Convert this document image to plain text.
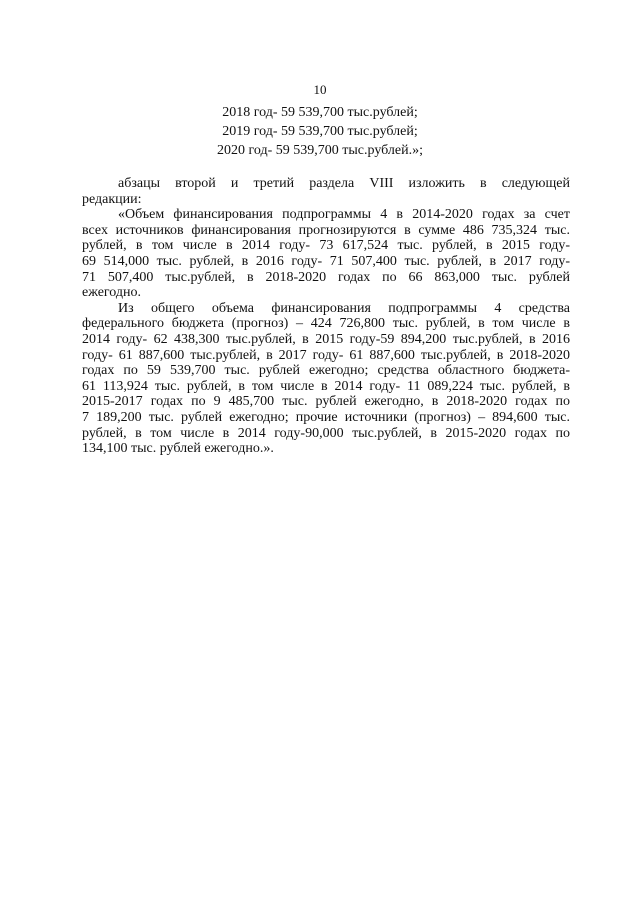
10
2018 год- 59 539,700 тыс.рублей;
2019 год- 59 539,700 тыс.рублей;
2020 год- 59 539,700 тыс.рублей.»;
абзацы второй и третий раздела VIII изложить в следующей
редакции:
«Объем финансирования подпрограммы 4 в 2014-2020 годах за счет
всех источников финансирования прогнозируются в сумме 486 735,324 тыс.
рублей, в том числе в 2014 году- 73 617,524 тыс. рублей, в 2015 году-
69 514,000 тыс. рублей, в 2016 году- 71 507,400 тыс. рублей, в 2017 году-
71 507,400 тыс.рублей, в 2018-2020 годах по 66 863,000 тыс. рублей
ежегодно.
Из общего объема финансирования подпрограммы 4 средства
федерального бюджета (прогноз) – 424 726,800 тыс. рублей, в том числе в
2014 году- 62 438,300 тыс.рублей, в 2015 году-59 894,200 тыс.рублей, в 2016
году- 61 887,600 тыс.рублей, в 2017 году- 61 887,600 тыс.рублей, в 2018-2020
годах по 59 539,700 тыс. рублей ежегодно; средства областного бюджета-
61 113,924 тыс. рублей, в том числе в 2014 году- 11 089,224 тыс. рублей, в
2015-2017 годах по 9 485,700 тыс. рублей ежегодно, в 2018-2020 годах по
7 189,200 тыс. рублей ежегодно; прочие источники (прогноз) – 894,600 тыс.
рублей, в том числе в 2014 году-90,000 тыс.рублей, в 2015-2020 годах по
134,100 тыс. рублей ежегодно.».
